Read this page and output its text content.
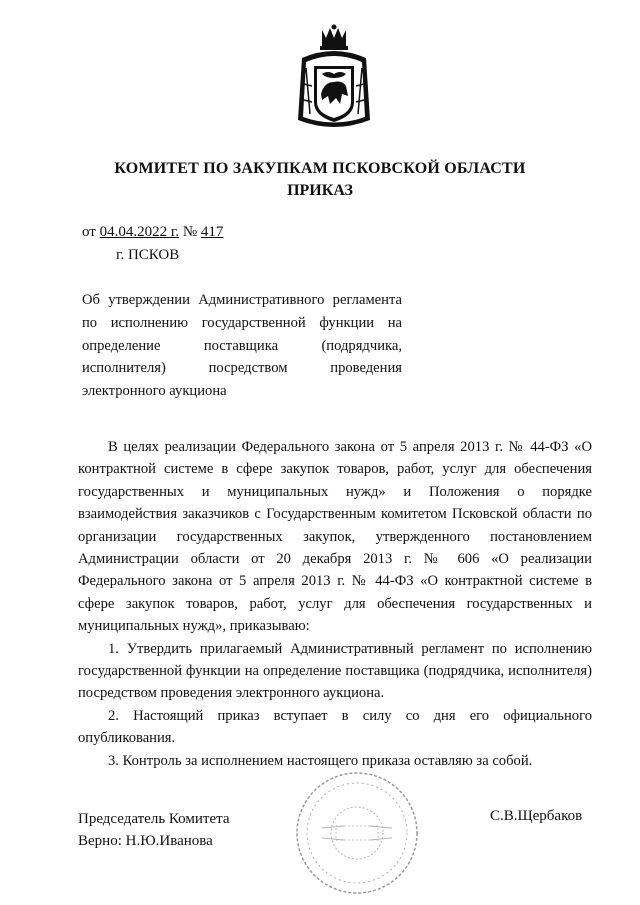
КОМИТЕТ ПО ЗАКУПКАМ ПСКОВСКОЙ ОБЛАСТИ
ПРИКАЗ
от 04.04.2022 г. № 417
г. ПСКОВ
Об утверждении Административного регламента по исполнению государственной функции на определение поставщика (подрядчика, исполнителя) посредством проведения электронного аукциона

В целях реализации Федерального закона от 5 апреля 2013 г. № 44-ФЗ «О контрактной системе в сфере закупок товаров, работ, услуг для обеспечения государственных и муниципальных нужд» и Положения о порядке взаимодействия заказчиков с Государственным комитетом Псковской области по организации государственных закупок, утвержденного постановлением Администрации области от 20 декабря 2013 г. № 606 «О реализации Федерального закона от 5 апреля 2013 г. № 44-ФЗ «О контрактной системе в сфере закупок товаров, работ, услуг для обеспечения государственных и муниципальных нужд», приказываю:

1. Утвердить прилагаемый Административный регламент по исполнению государственной функции на определение поставщика (подрядчика, исполнителя) посредством проведения электронного аукциона.

2. Настоящий приказ вступает в силу со дня его официального опубликования.

3. Контроль за исполнением настоящего приказа оставляю за собой.

Председатель Комитета
Верно: Н.Ю.Иванова
С.В.Щербаков
